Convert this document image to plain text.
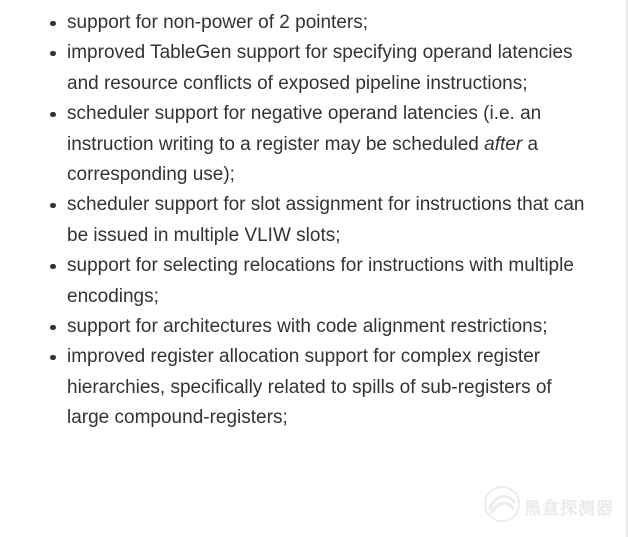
support for non-power of 2 pointers;
improved TableGen support for specifying operand latencies and resource conflicts of exposed pipeline instructions;
scheduler support for negative operand latencies (i.e. an instruction writing to a register may be scheduled after a corresponding use);
scheduler support for slot assignment for instructions that can be issued in multiple VLIW slots;
support for selecting relocations for instructions with multiple encodings;
support for architectures with code alignment restrictions;
improved register allocation support for complex register hierarchies, specifically related to spills of sub-registers of large compound-registers;
黑盒探测器
